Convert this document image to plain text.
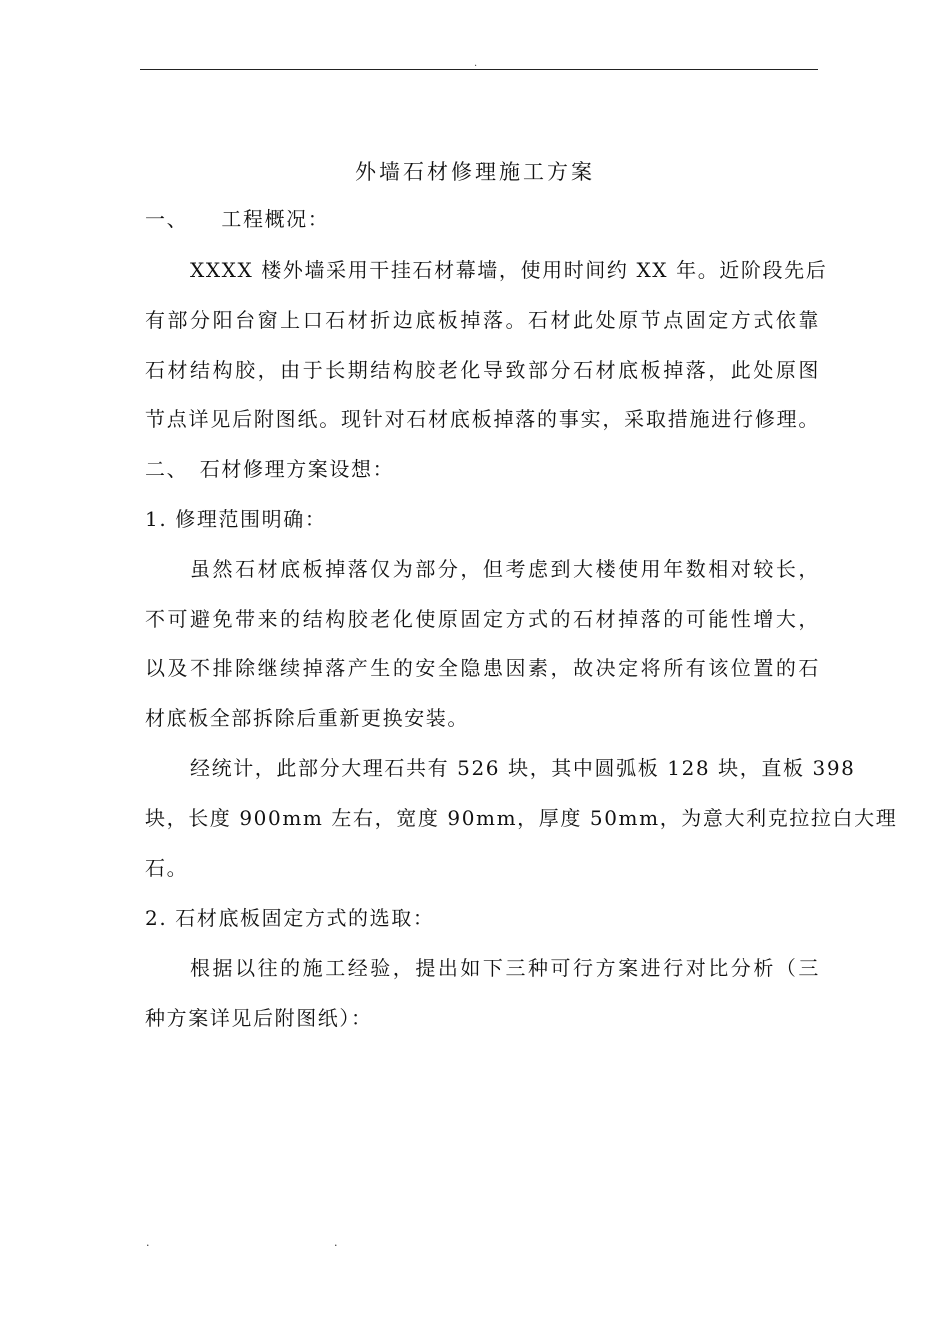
.
外墙石材修理施工方案
一、　　工程概况：
XXXX 楼外墙采用干挂石材幕墙，使用时间约 XX 年。近阶段先后
有部分阳台窗上口石材折边底板掉落。石材此处原节点固定方式依靠
石材结构胶，由于长期结构胶老化导致部分石材底板掉落，此处原图
节点详见后附图纸。现针对石材底板掉落的事实，采取措施进行修理。
二、　石材修理方案设想：
1. 修理范围明确：
虽然石材底板掉落仅为部分，但考虑到大楼使用年数相对较长，
不可避免带来的结构胶老化使原固定方式的石材掉落的可能性增大，
以及不排除继续掉落产生的安全隐患因素，故决定将所有该位置的石
材底板全部拆除后重新更换安装。
经统计，此部分大理石共有 526 块，其中圆弧板 128 块，直板 398
块，长度 900mm 左右，宽度 90mm，厚度 50mm，为意大利克拉拉白大理
石。
2. 石材底板固定方式的选取：
根据以往的施工经验，提出如下三种可行方案进行对比分析（三
种方案详见后附图纸）：
.	.
